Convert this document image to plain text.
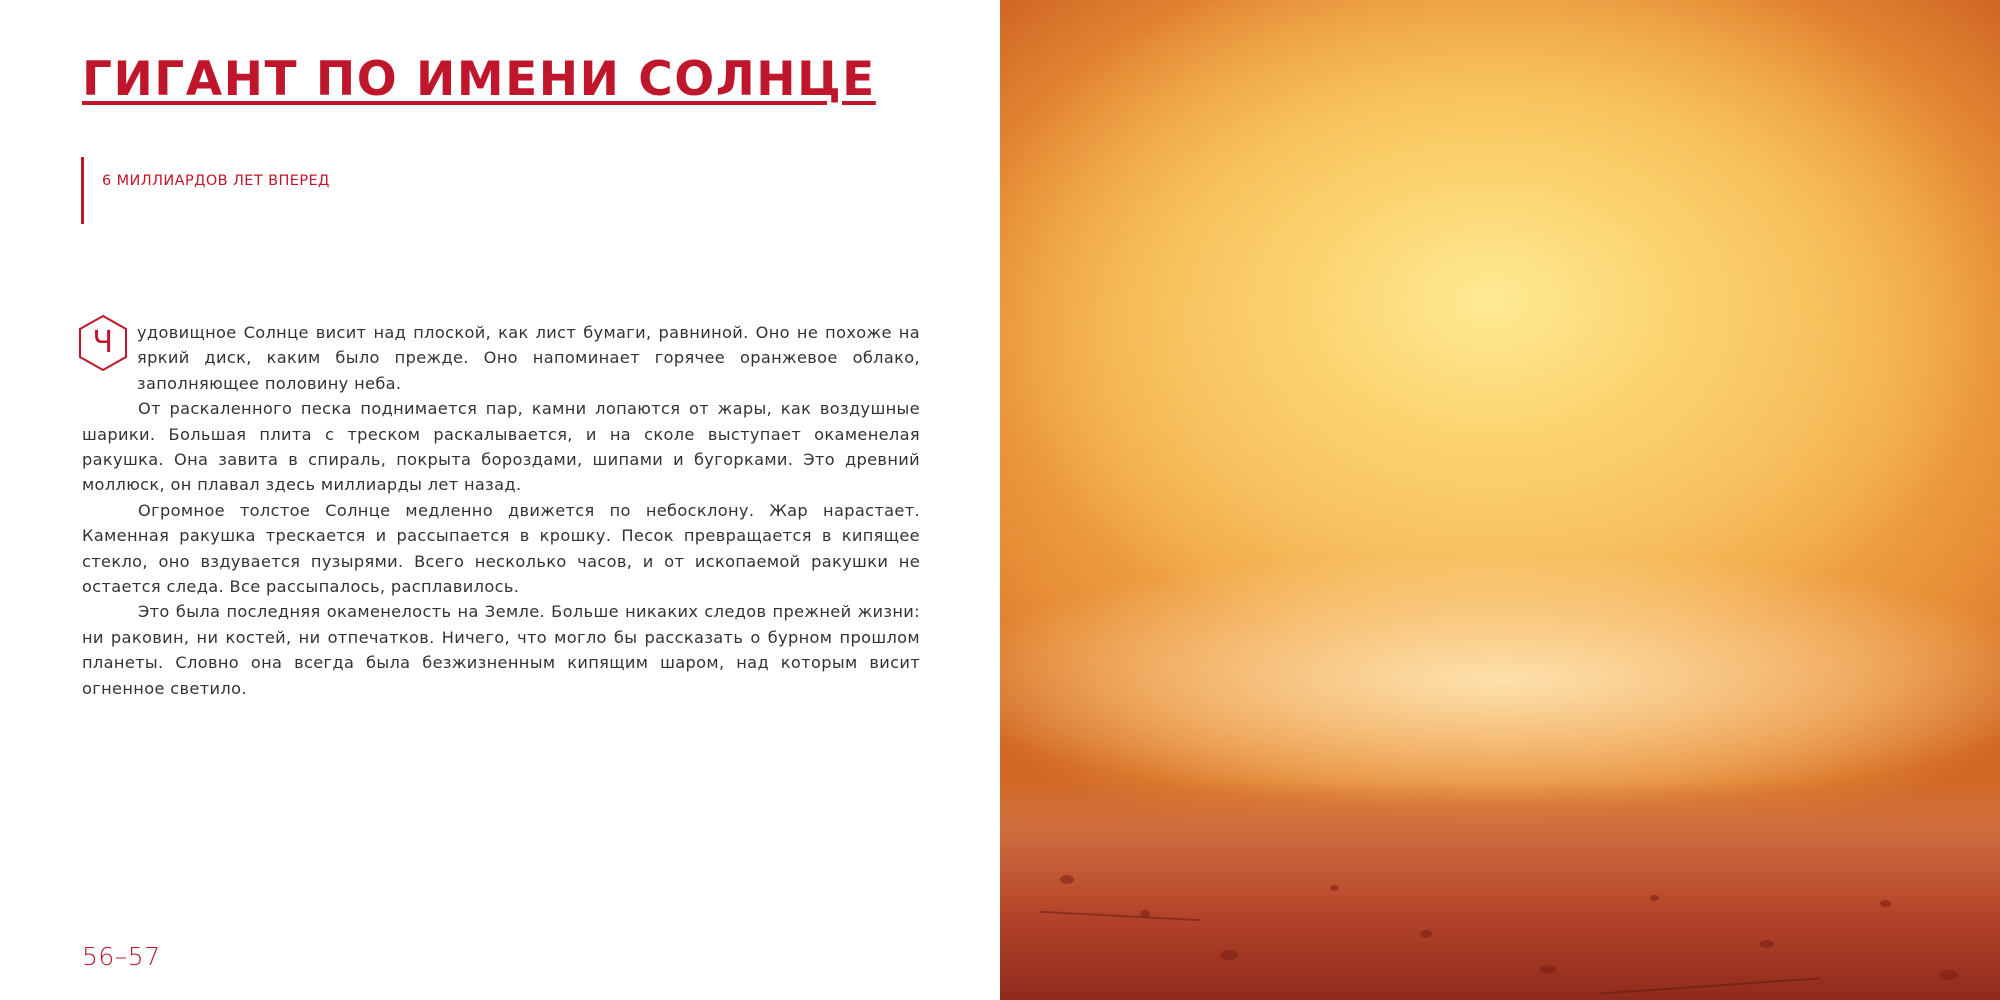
ГИГАНТ ПО ИМЕНИ СОЛНЦЕ
6 МИЛЛИАРДОВ ЛЕТ ВПЕРЕД

Ч	удовищное Солнце висит над плоской, как лист бумаги, равниной. Оно не похоже на яркий диск, каким было прежде. Оно напоминает горячее оранжевое облако, заполняющее половину неба.

От раскаленного песка поднимается пар, камни лопаются от жары, как воздушные шарики. Большая плита с треском раскалывается, и на сколе выступает окаменелая ракушка. Она завита в спираль, покрыта бороздами, шипами и бугорками. Это древний моллюск, он плавал здесь миллиарды лет назад.

Огромное толстое Солнце медленно движется по небосклону. Жар нарастает. Каменная ракушка трескается и рассыпается в крошку. Песок превращается в кипящее стекло, оно вздувается пузырями. Всего несколько часов, и от ископаемой ракушки не остается следа. Все рассыпалось, расплавилось.

Это была последняя окаменелость на Земле. Больше никаких следов прежней жизни: ни раковин, ни костей, ни отпечатков. Ничего, что могло бы рассказать о бурном прошлом планеты. Словно она всегда была безжизненным кипящим шаром, над которым висит огненное светило.

56–57
